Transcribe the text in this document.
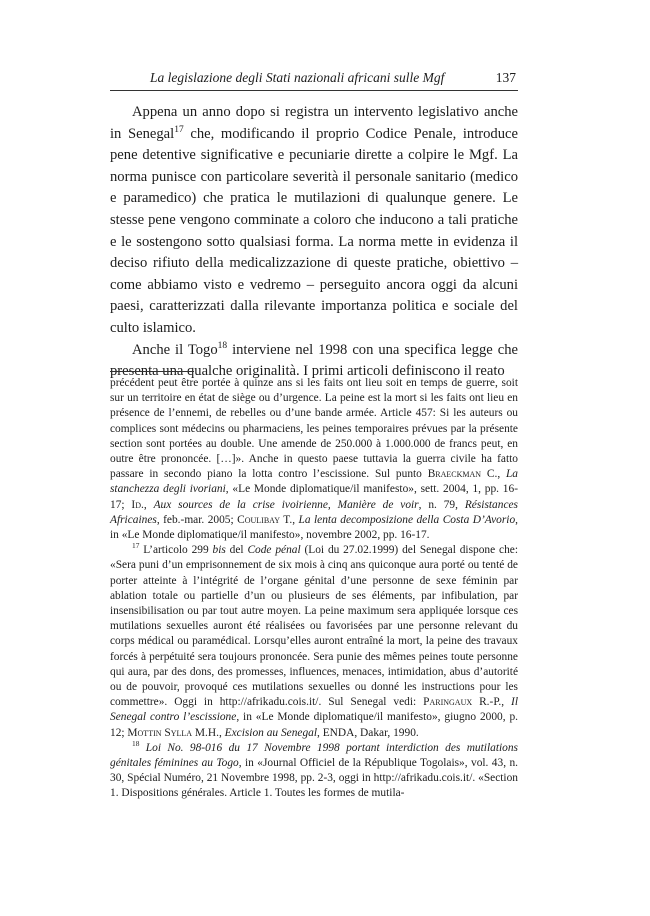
La legislazione degli Stati nazionali africani sulle Mgf	137

Appena un anno dopo si registra un intervento legislativo anche in Senegal$^{17}$ che, modificando il proprio Codice Penale, introduce pene detentive significative e pecuniarie dirette a colpire le Mgf. La norma punisce con particolare severità il personale sanitario (medico e paramedico) che pratica le mutilazioni di qualunque genere. Le stesse pene vengono comminate a coloro che inducono a tali pratiche e le sostengono sotto qualsiasi forma. La norma mette in evidenza il deciso rifiuto della medicalizzazione di queste pratiche, obiettivo – come abbiamo visto e vedremo – perseguito ancora oggi da alcuni paesi, caratterizzati dalla rilevante importanza politica e sociale del culto islamico.

Anche il Togo$^{18}$ interviene nel 1998 con una specifica legge che presenta una qualche originalità. I primi articoli definiscono il reato

précédent peut être portée à quinze ans si les faits ont lieu soit en temps de guerre, soit sur un territoire en état de siège ou d’urgence. La peine est la mort si les faits ont lieu en présence de l’ennemi, de rebelles ou d’une bande armée. Article 457: Si les auteurs ou complices sont médecins ou pharmaciens, les peines temporaires prévues par la présente section sont portées au double. Une amende de 250.000 à 1.000.000 de francs peut, en outre être prononcée. […]». Anche in questo paese tuttavia la guerra civile ha fatto passare in secondo piano la lotta contro l’escissione. Sul punto Braeckman C., La stanchezza degli ivoriani, «Le Monde diplomatique/il manifesto», sett. 2004, 1, pp. 16-17; Id., Aux sources de la crise ivoirienne, Manière de voir, n. 79, Résistances Africaines, feb.-mar. 2005; Coulibay T., La lenta decomposizione della Costa D’Avorio, in «Le Monde diplomatique/il manifesto», novembre 2002, pp. 16-17.

$^{17}$ L’articolo 299 bis del Code pénal (Loi du 27.02.1999) del Senegal dispone che: «Sera puni d’un emprisonnement de six mois à cinq ans quiconque aura porté ou tenté de porter atteinte à l’intégrité de l’organe génital d’une personne de sexe féminin par ablation totale ou partielle d’un ou plusieurs de ses éléments, par infibulation, par insensibilisation ou par tout autre moyen. La peine maximum sera appliquée lorsque ces mutilations sexuelles auront été réalisées ou favorisées par une personne relevant du corps médical ou paramédical. Lorsqu’elles auront entraîné la mort, la peine des travaux forcés à perpétuité sera toujours prononcée. Sera punie des mêmes peines toute personne qui aura, par des dons, des promesses, influences, menaces, intimidation, abus d’autorité ou de pouvoir, provoqué ces mutilations sexuelles ou donné les instructions pour les commettre». Oggi in http://afrikadu.cois.it/. Sul Senegal vedi: Paringaux R.-P., Il Senegal contro l’escissione, in «Le Monde diplomatique/il manifesto», giugno 2000, p. 12; Mottin Sylla M.H., Excision au Senegal, ENDA, Dakar, 1990.

$^{18}$ Loi No. 98-016 du 17 Novembre 1998 portant interdiction des mutilations génitales féminines au Togo, in «Journal Officiel de la République Togolais», vol. 43, n. 30, Spécial Numéro, 21 Novembre 1998, pp. 2-3, oggi in http://afrikadu.cois.it/. «Section 1. Dispositions générales. Article 1. Toutes les formes de mutila-
